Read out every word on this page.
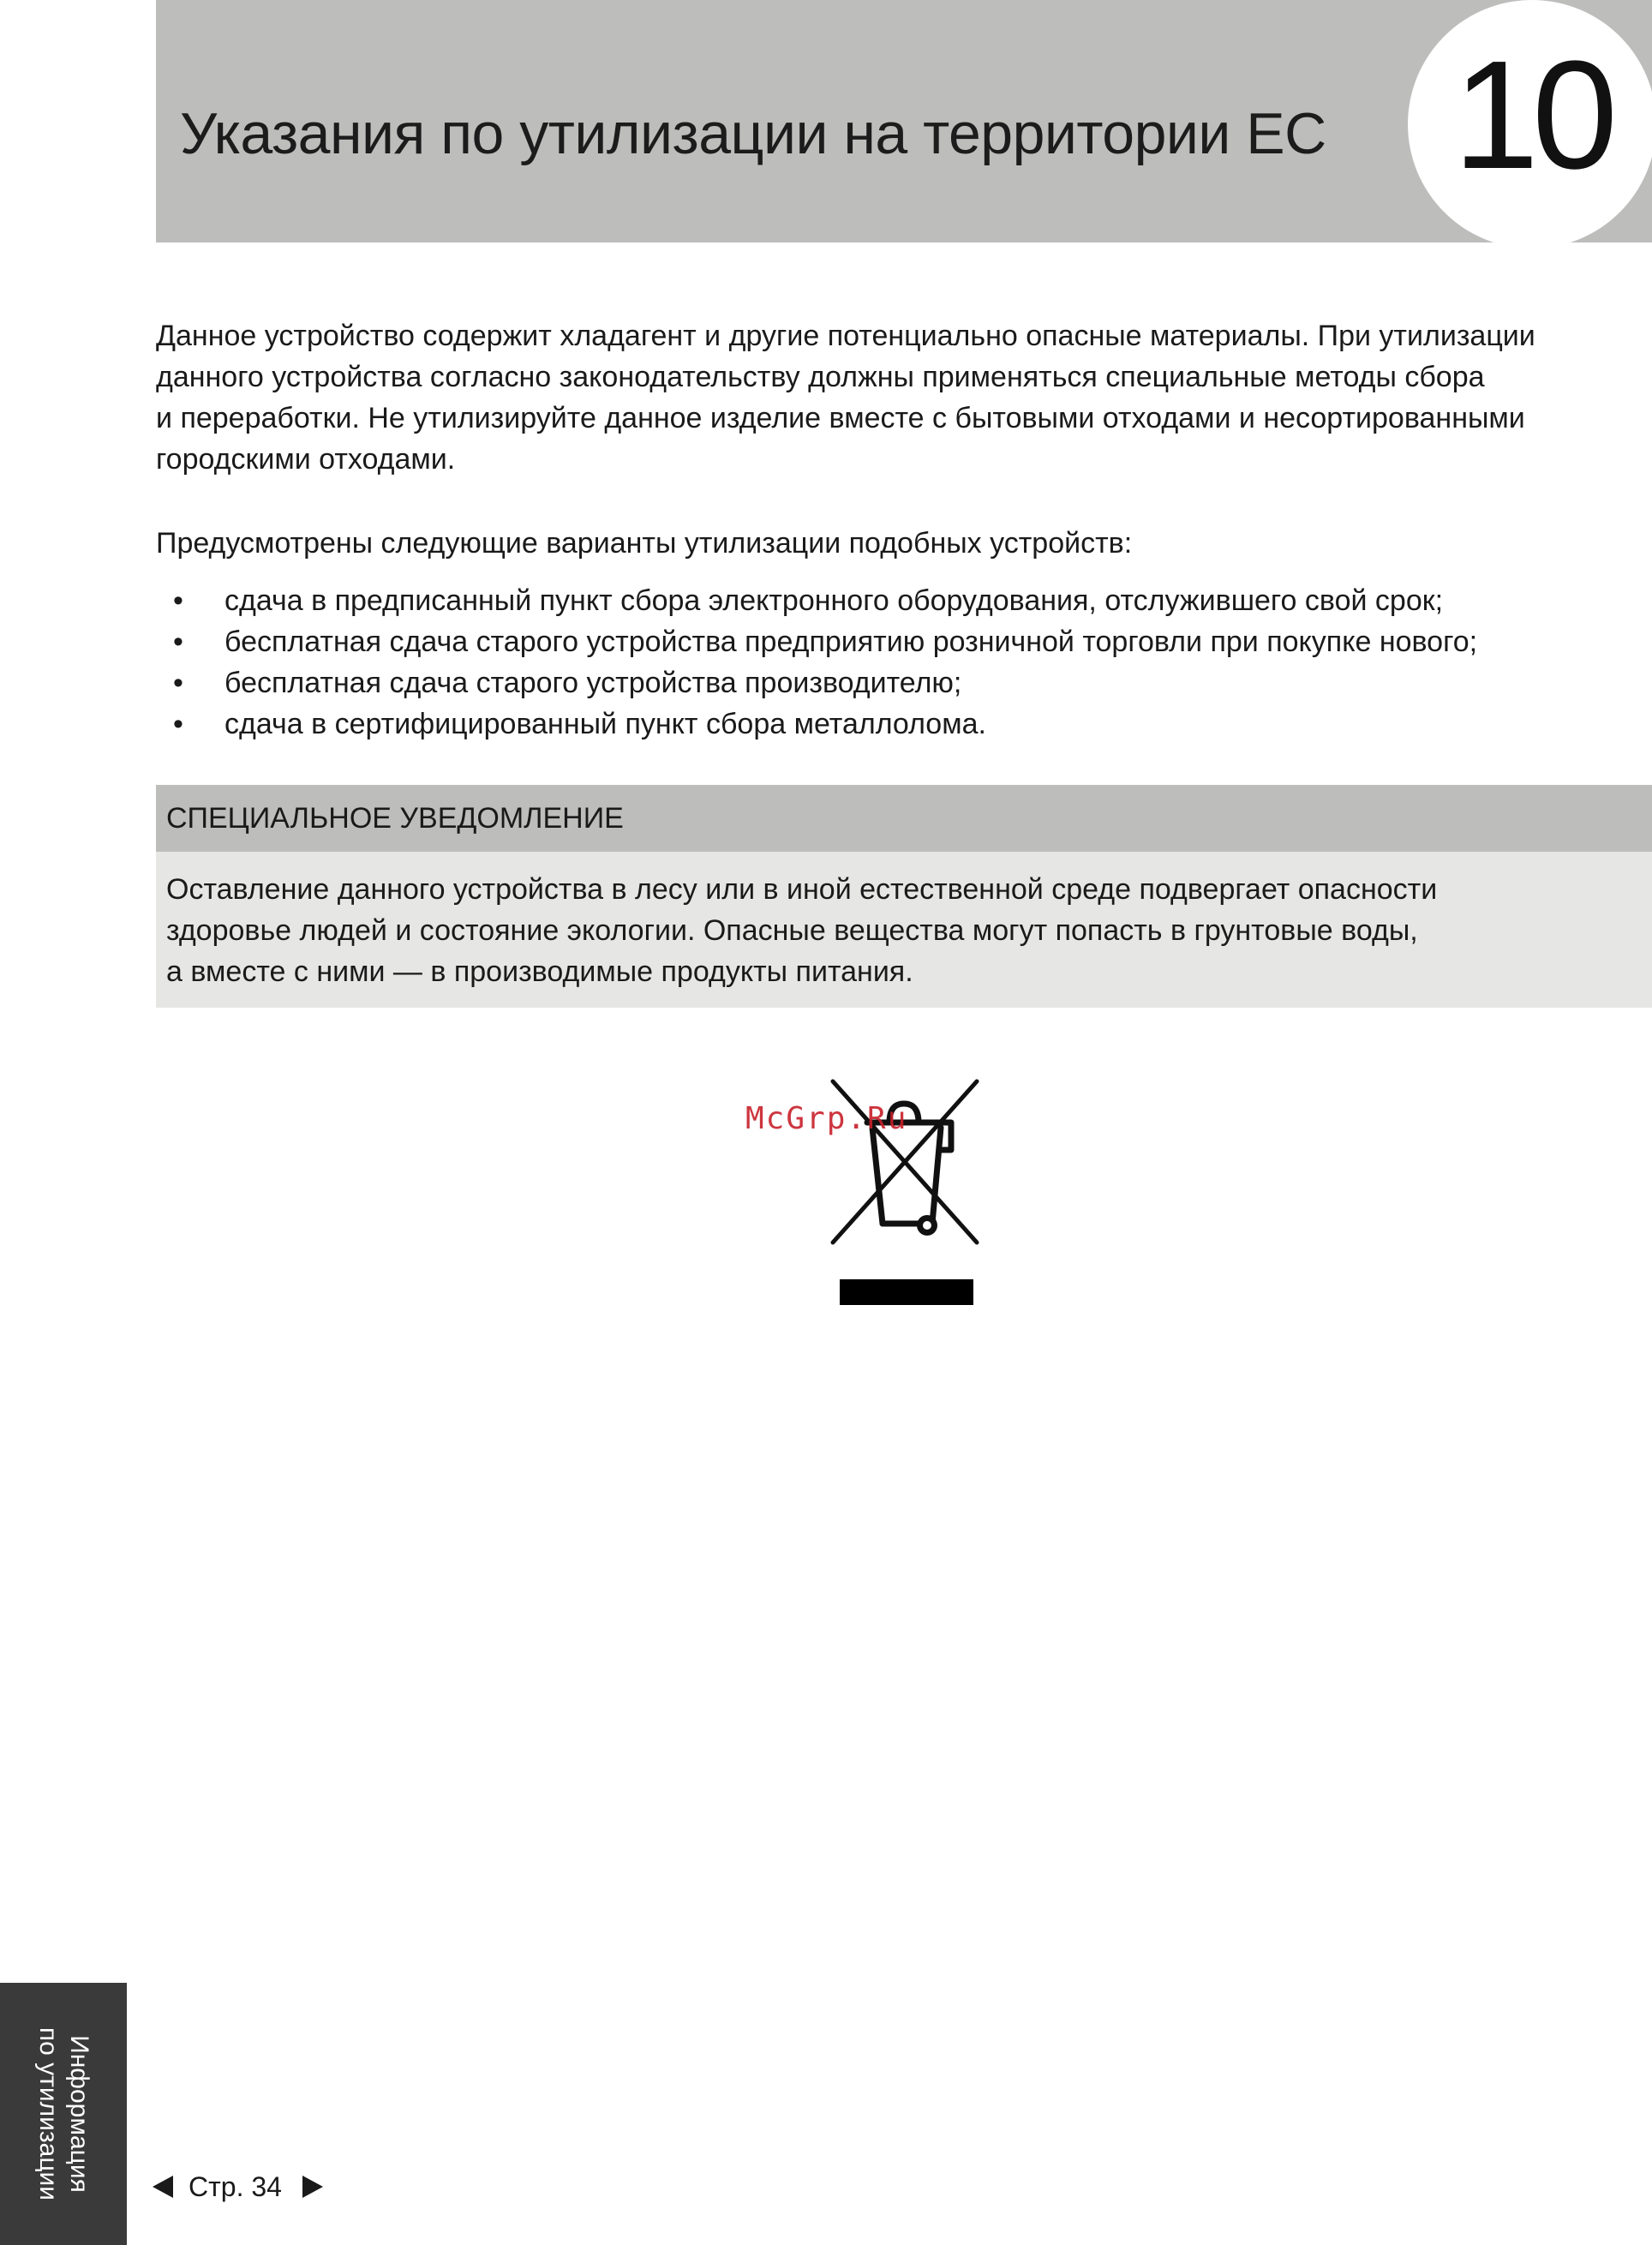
Указания по утилизации на территории ЕС 10
Данное устройство содержит хладагент и другие потенциально опасные материалы. При утилизации
данного устройства согласно законодательству должны применяться специальные методы сбора
и переработки. Не утилизируйте данное изделие вместе с бытовыми отходами и несортированными
городскими отходами.
Предусмотрены следующие варианты утилизации подобных устройств:
• сдача в предписанный пункт сбора электронного оборудования, отслужившего свой срок;
• бесплатная сдача старого устройства предприятию розничной торговли при покупке нового;
• бесплатная сдача старого устройства производителю;
• сдача в сертифицированный пункт сбора металлолома.
СПЕЦИАЛЬНОЕ УВЕДОМЛЕНИЕ

Оставление данного устройства в лесу или в иной естественной среде подвергает опасности
здоровье людей и состояние экологии. Опасные вещества могут попасть в грунтовые воды,
а вместе с ними — в производимые продукты питания.

McGrp.Ru
Информация
по утилизации	Стр. 34
